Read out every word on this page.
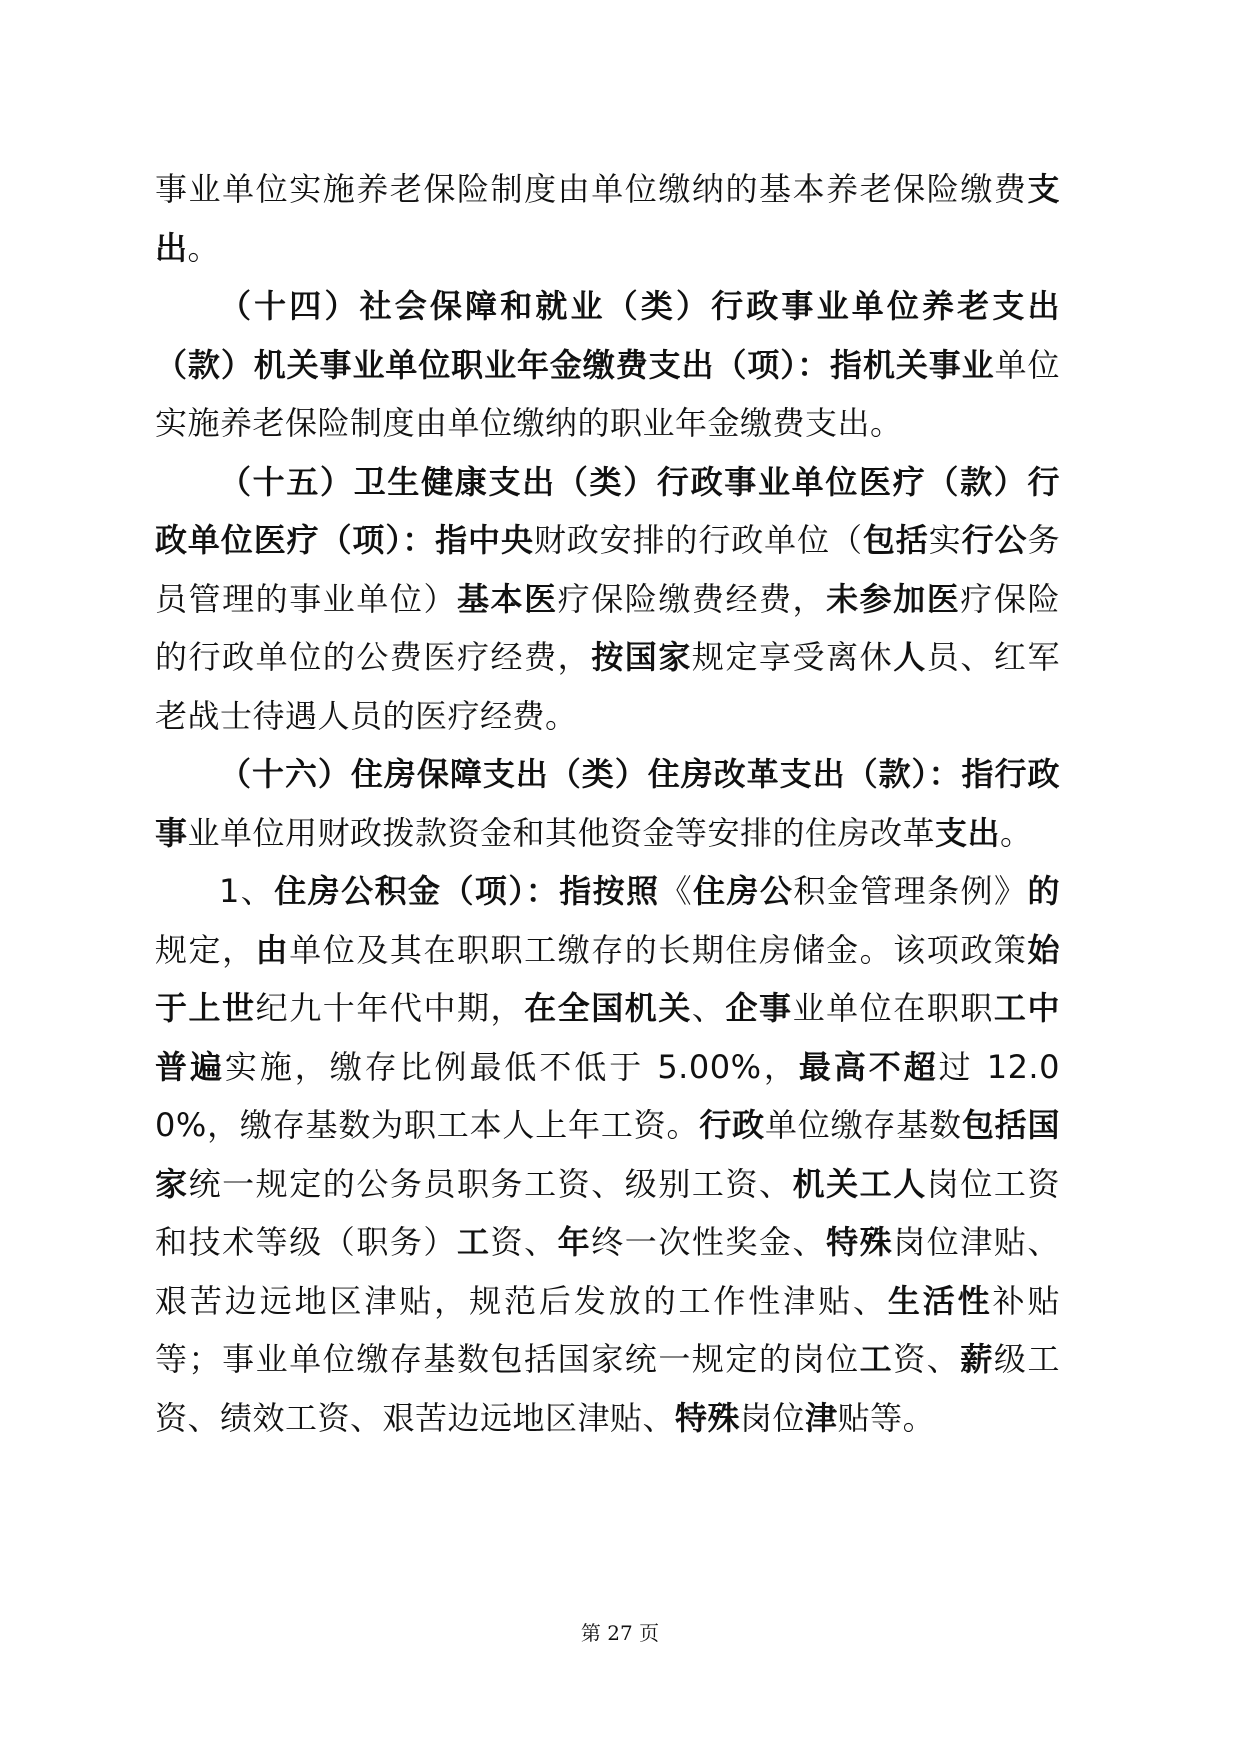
事业单位实施养老保险制度由单位缴纳的基本养老保险缴费支出。

（十四）社会保障和就业（类）行政事业单位养老支出（款）机关事业单位职业年金缴费支出（项）：指机关事业单位实施养老保险制度由单位缴纳的职业年金缴费支出。

（十五）卫生健康支出（类）行政事业单位医疗（款）行政单位医疗（项）：指中央财政安排的行政单位（包括实行公务员管理的事业单位）基本医疗保险缴费经费，未参加医疗保险的行政单位的公费医疗经费，按国家规定享受离休人员、红军老战士待遇人员的医疗经费。

（十六）住房保障支出（类）住房改革支出（款）：指行政事业单位用财政拨款资金和其他资金等安排的住房改革支出。

1、住房公积金（项）：指按照《住房公积金管理条例》的规定，由单位及其在职职工缴存的长期住房储金。该项政策始于上世纪九十年代中期，在全国机关、企事业单位在职职工中普遍实施，缴存比例最低不低于 5.00%，最高不超过 12.00%，缴存基数为职工本人上年工资。行政单位缴存基数包括国家统一规定的公务员职务工资、级别工资、机关工人岗位工资和技术等级（职务）工资、年终一次性奖金、特殊岗位津贴、艰苦边远地区津贴，规范后发放的工作性津贴、生活性补贴等；事业单位缴存基数包括国家统一规定的岗位工资、薪级工资、绩效工资、艰苦边远地区津贴、特殊岗位津贴等。

第 27 页
